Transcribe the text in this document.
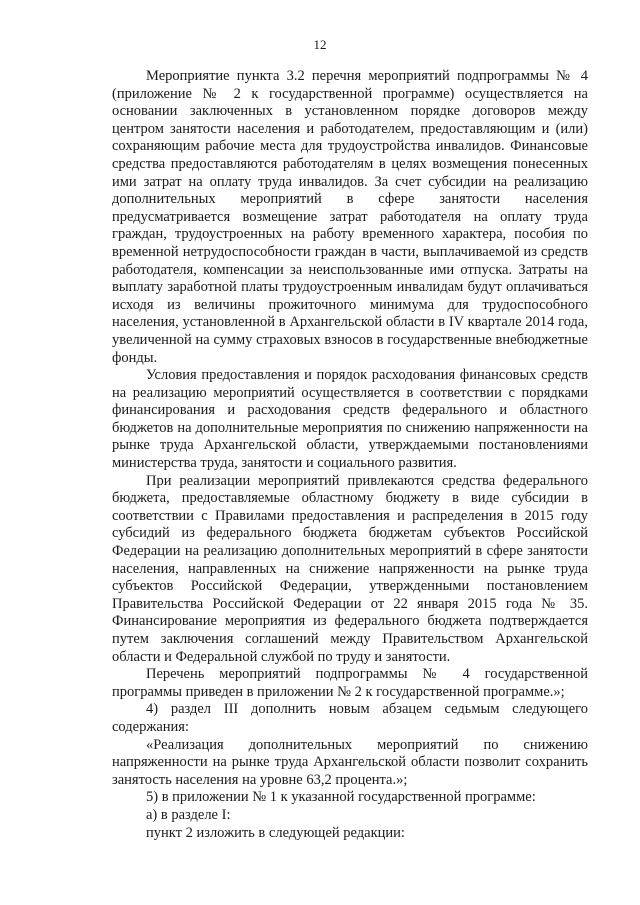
12

Мероприятие пункта 3.2 перечня мероприятий подпрограммы № 4 (приложение № 2 к государственной программе) осуществляется на основании заключенных в установленном порядке договоров между центром занятости населения и работодателем, предоставляющим и (или) сохраняющим рабочие места для трудоустройства инвалидов. Финансовые средства предоставляются работодателям в целях возмещения понесенных ими затрат на оплату труда инвалидов. За счет субсидии на реализацию дополнительных мероприятий в сфере занятости населения предусматривается возмещение затрат работодателя на оплату труда граждан, трудоустроенных на работу временного характера, пособия по временной нетрудоспособности граждан в части, выплачиваемой из средств работодателя, компенсации за неиспользованные ими отпуска. Затраты на выплату заработной платы трудоустроенным инвалидам будут оплачиваться исходя из величины прожиточного минимума для трудоспособного населения, установленной в Архангельской области в IV квартале 2014 года, увеличенной на сумму страховых взносов в государственные внебюджетные фонды.

Условия предоставления и порядок расходования финансовых средств на реализацию мероприятий осуществляется в соответствии с порядками финансирования и расходования средств федерального и областного бюджетов на дополнительные мероприятия по снижению напряженности на рынке труда Архангельской области, утверждаемыми постановлениями министерства труда, занятости и социального развития.

При реализации мероприятий привлекаются средства федерального бюджета, предоставляемые областному бюджету в виде субсидии в соответствии с Правилами предоставления и распределения в 2015 году субсидий из федерального бюджета бюджетам субъектов Российской Федерации на реализацию дополнительных мероприятий в сфере занятости населения, направленных на снижение напряженности на рынке труда субъектов Российской Федерации, утвержденными постановлением Правительства Российской Федерации от 22 января 2015 года № 35. Финансирование мероприятия из федерального бюджета подтверждается путем заключения соглашений между Правительством Архангельской области и Федеральной службой по труду и занятости.

Перечень мероприятий подпрограммы № 4 государственной программы приведен в приложении № 2 к государственной программе.»;

4) раздел III дополнить новым абзацем седьмым следующего содержания:

«Реализация дополнительных мероприятий по снижению напряженности на рынке труда Архангельской области позволит сохранить занятость населения на уровне 63,2 процента.»;

5) в приложении № 1 к указанной государственной программе:

а) в разделе I:

пункт 2 изложить в следующей редакции:
